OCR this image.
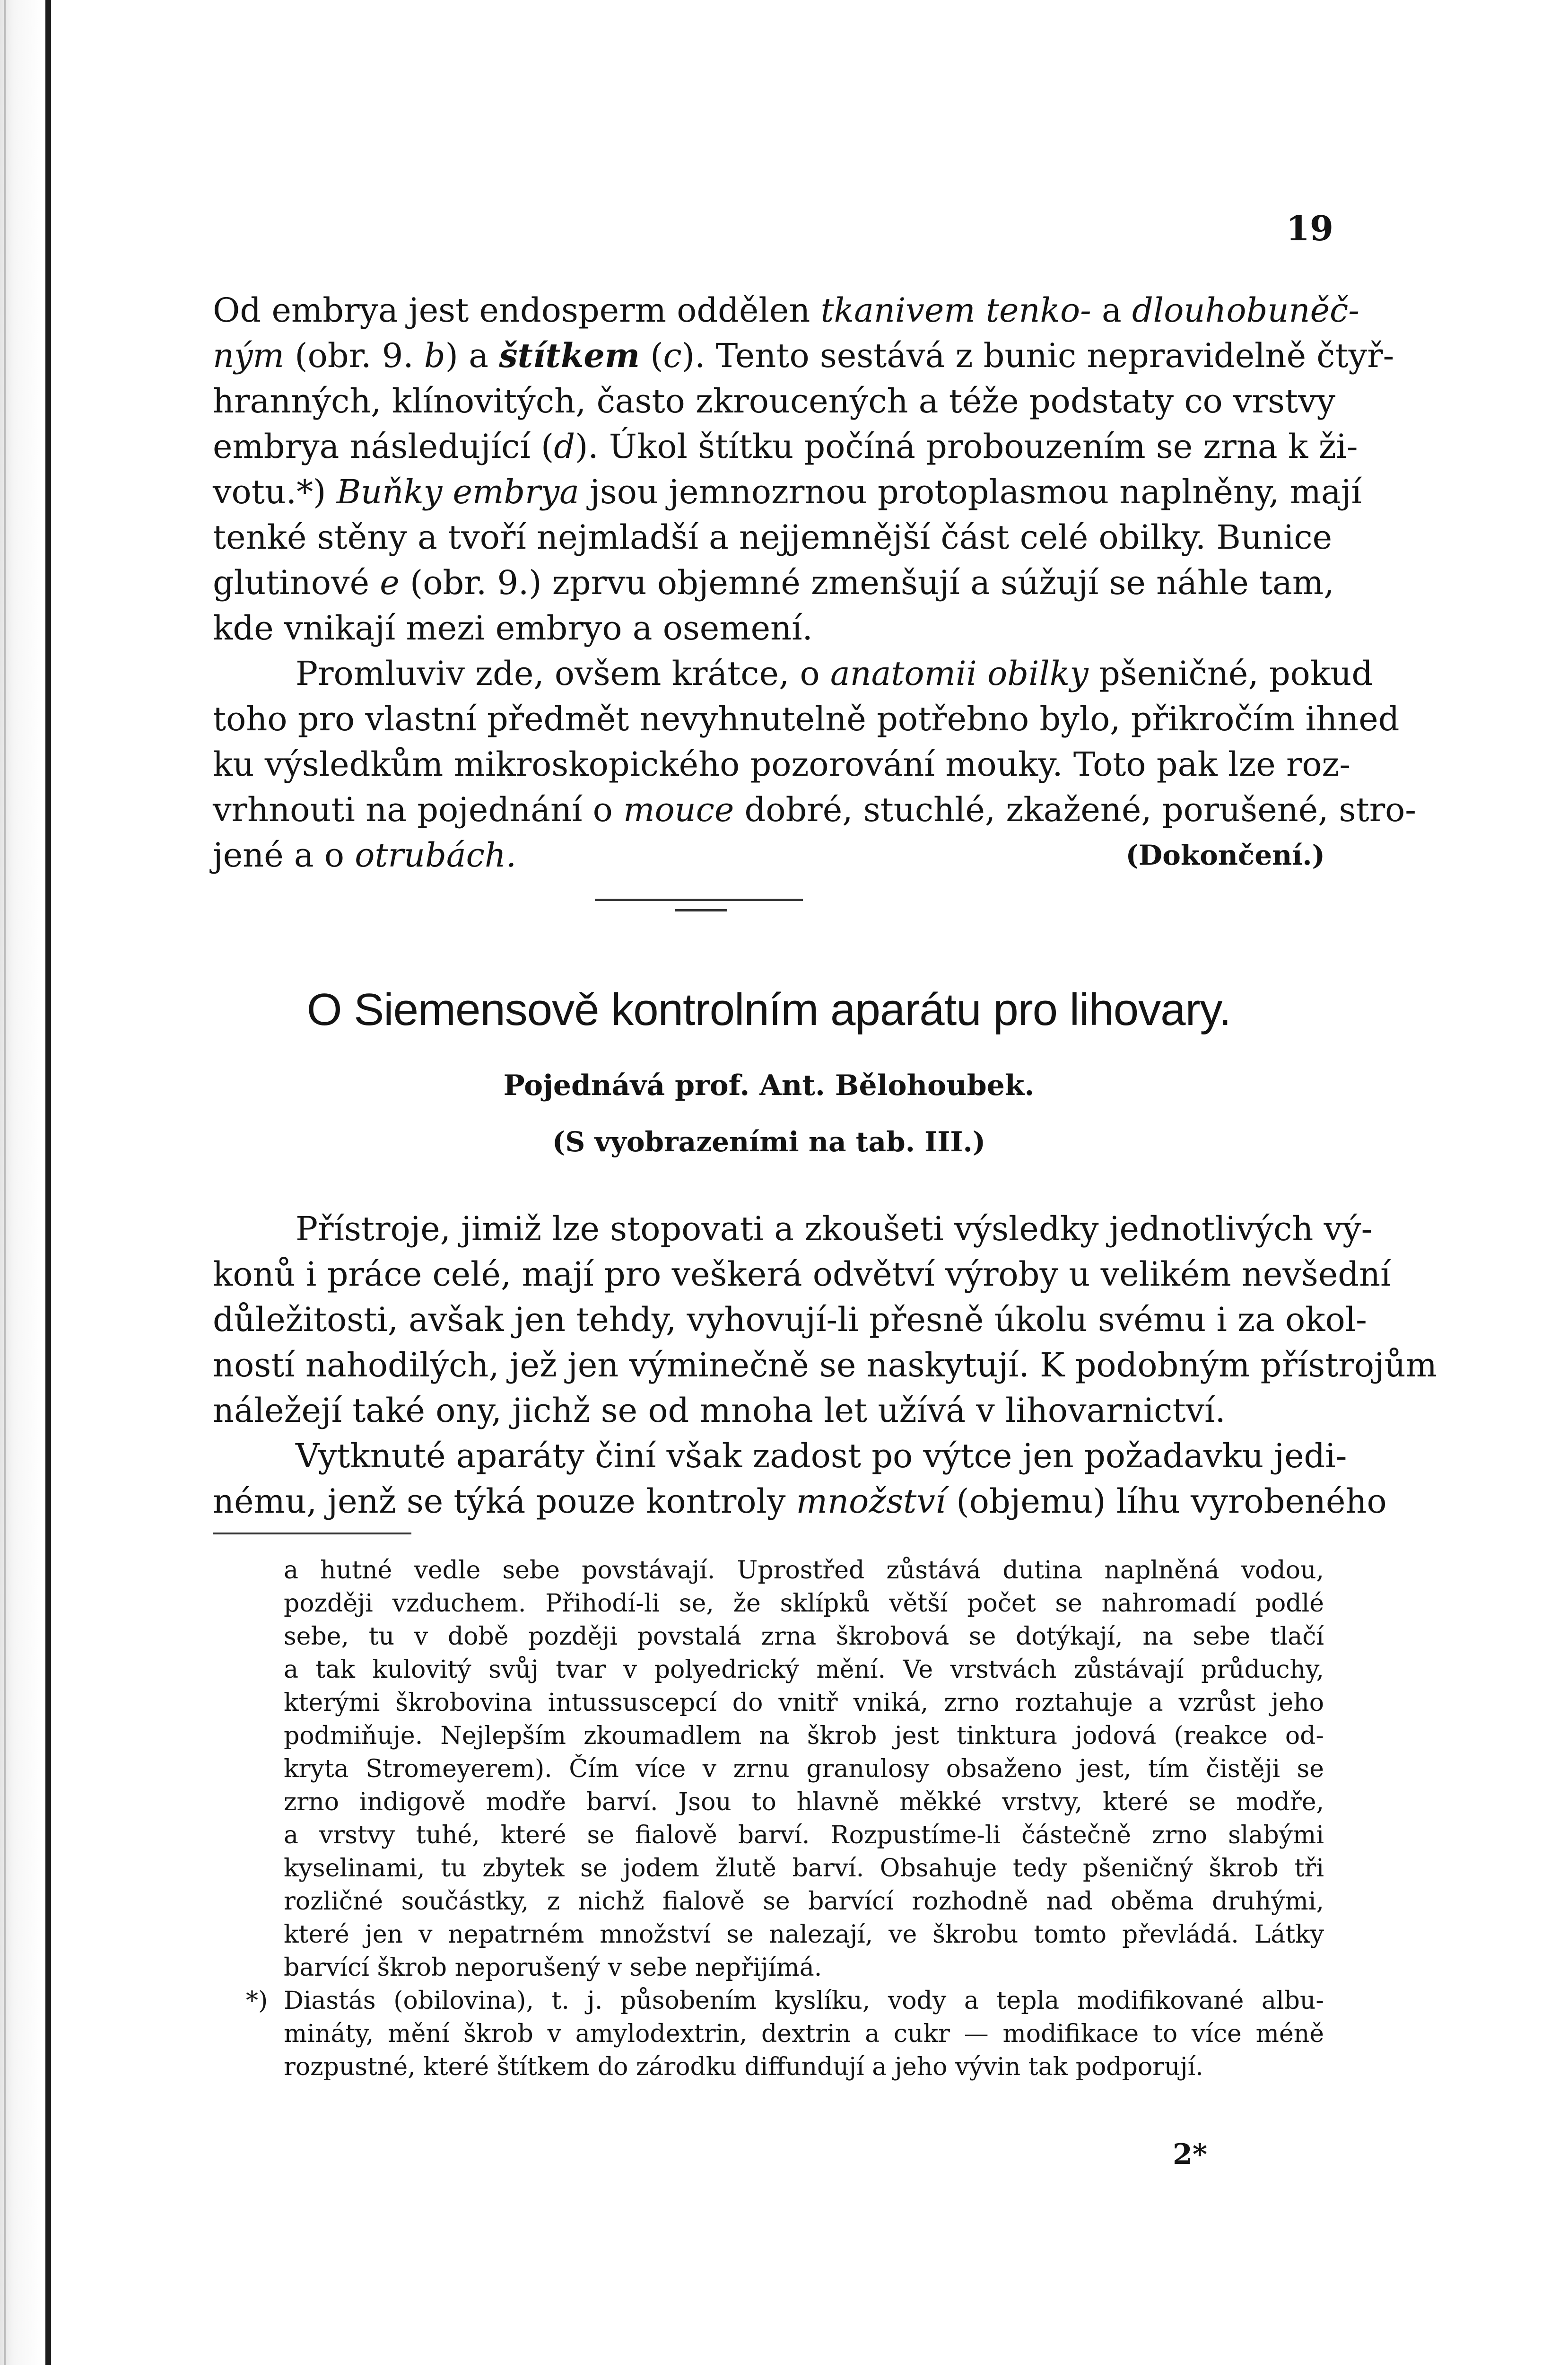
19
Od embrya jest endosperm oddělen tkanivem tenko- a dlouhobuněč-
ným (obr. 9. b) a štítkem (c). Tento sestává z bunic nepravidelně čtyř-
hranných, klínovitých, často zkroucených a téže podstaty co vrstvy
embrya následující (d). Úkol štítku počíná probouzením se zrna k ži-
votu.*) Buňky embrya jsou jemnozrnou protoplasmou naplněny, mají
tenké stěny a tvoří nejmladší a nejjemnější část celé obilky. Bunice
glutinové e (obr. 9.) zprvu objemné zmenšují a súžují se náhle tam,
kde vnikají mezi embryo a osemení.
Promluviv zde, ovšem krátce, o anatomii obilky pšeničné, pokud
toho pro vlastní předmět nevyhnutelně potřebno bylo, přikročím ihned
ku výsledkům mikroskopického pozorování mouky. Toto pak lze roz-
vrhnouti na pojednání o mouce dobré, stuchlé, zkažené, porušené, stro-
jené a o otrubách.	(Dokončení.)
O Siemensově kontrolním aparátu pro lihovary.
Pojednává prof. Ant. Bělohoubek.
(S vyobrazeními na tab. III.)
Přístroje, jimiž lze stopovati a zkoušeti výsledky jednotlivých vý-
konů i práce celé, mají pro veškerá odvětví výroby u velikém nevšední
důležitosti, avšak jen tehdy, vyhovují-li přesně úkolu svému i za okol-
ností nahodilých, jež jen výminečně se naskytují. K podobným přístrojům
náležejí také ony, jichž se od mnoha let užívá v lihovarnictví.
Vytknuté aparáty činí však zadost po výtce jen požadavku jedi-
nému, jenž se týká pouze kontroly množství (objemu) líhu vyrobeného
a hutné vedle sebe povstávají. Uprostřed zůstává dutina naplněná vodou,
později vzduchem. Přihodí-li se, že sklípků větší počet se nahromadí podlé
sebe, tu v době později povstalá zrna škrobová se dotýkají, na sebe tlačí
a tak kulovitý svůj tvar v polyedrický mění. Ve vrstvách zůstávají průduchy,
kterými škrobovina intussuscepcí do vnitř vniká, zrno roztahuje a vzrůst jeho
podmiňuje. Nejlepším zkoumadlem na škrob jest tinktura jodová (reakce od-
kryta Stromeyerem). Čím více v zrnu granulosy obsaženo jest, tím čistěji se
zrno indigově modře barví. Jsou to hlavně měkké vrstvy, které se modře,
a vrstvy tuhé, které se fialově barví. Rozpustíme-li částečně zrno slabými
kyselinami, tu zbytek se jodem žlutě barví. Obsahuje tedy pšeničný škrob tři
rozličné součástky, z nichž fialově se barvící rozhodně nad oběma druhými,
které jen v nepatrném množství se nalezají, ve škrobu tomto převládá. Látky
barvící škrob neporušený v sebe nepřijímá.
*) Diastás (obilovina), t. j. působením kyslíku, vody a tepla modifikované albu-
mináty, mění škrob v amylodextrin, dextrin a cukr — modifikace to více méně
rozpustné, které štítkem do zárodku diffundují a jeho vývin tak podporují.
2*
